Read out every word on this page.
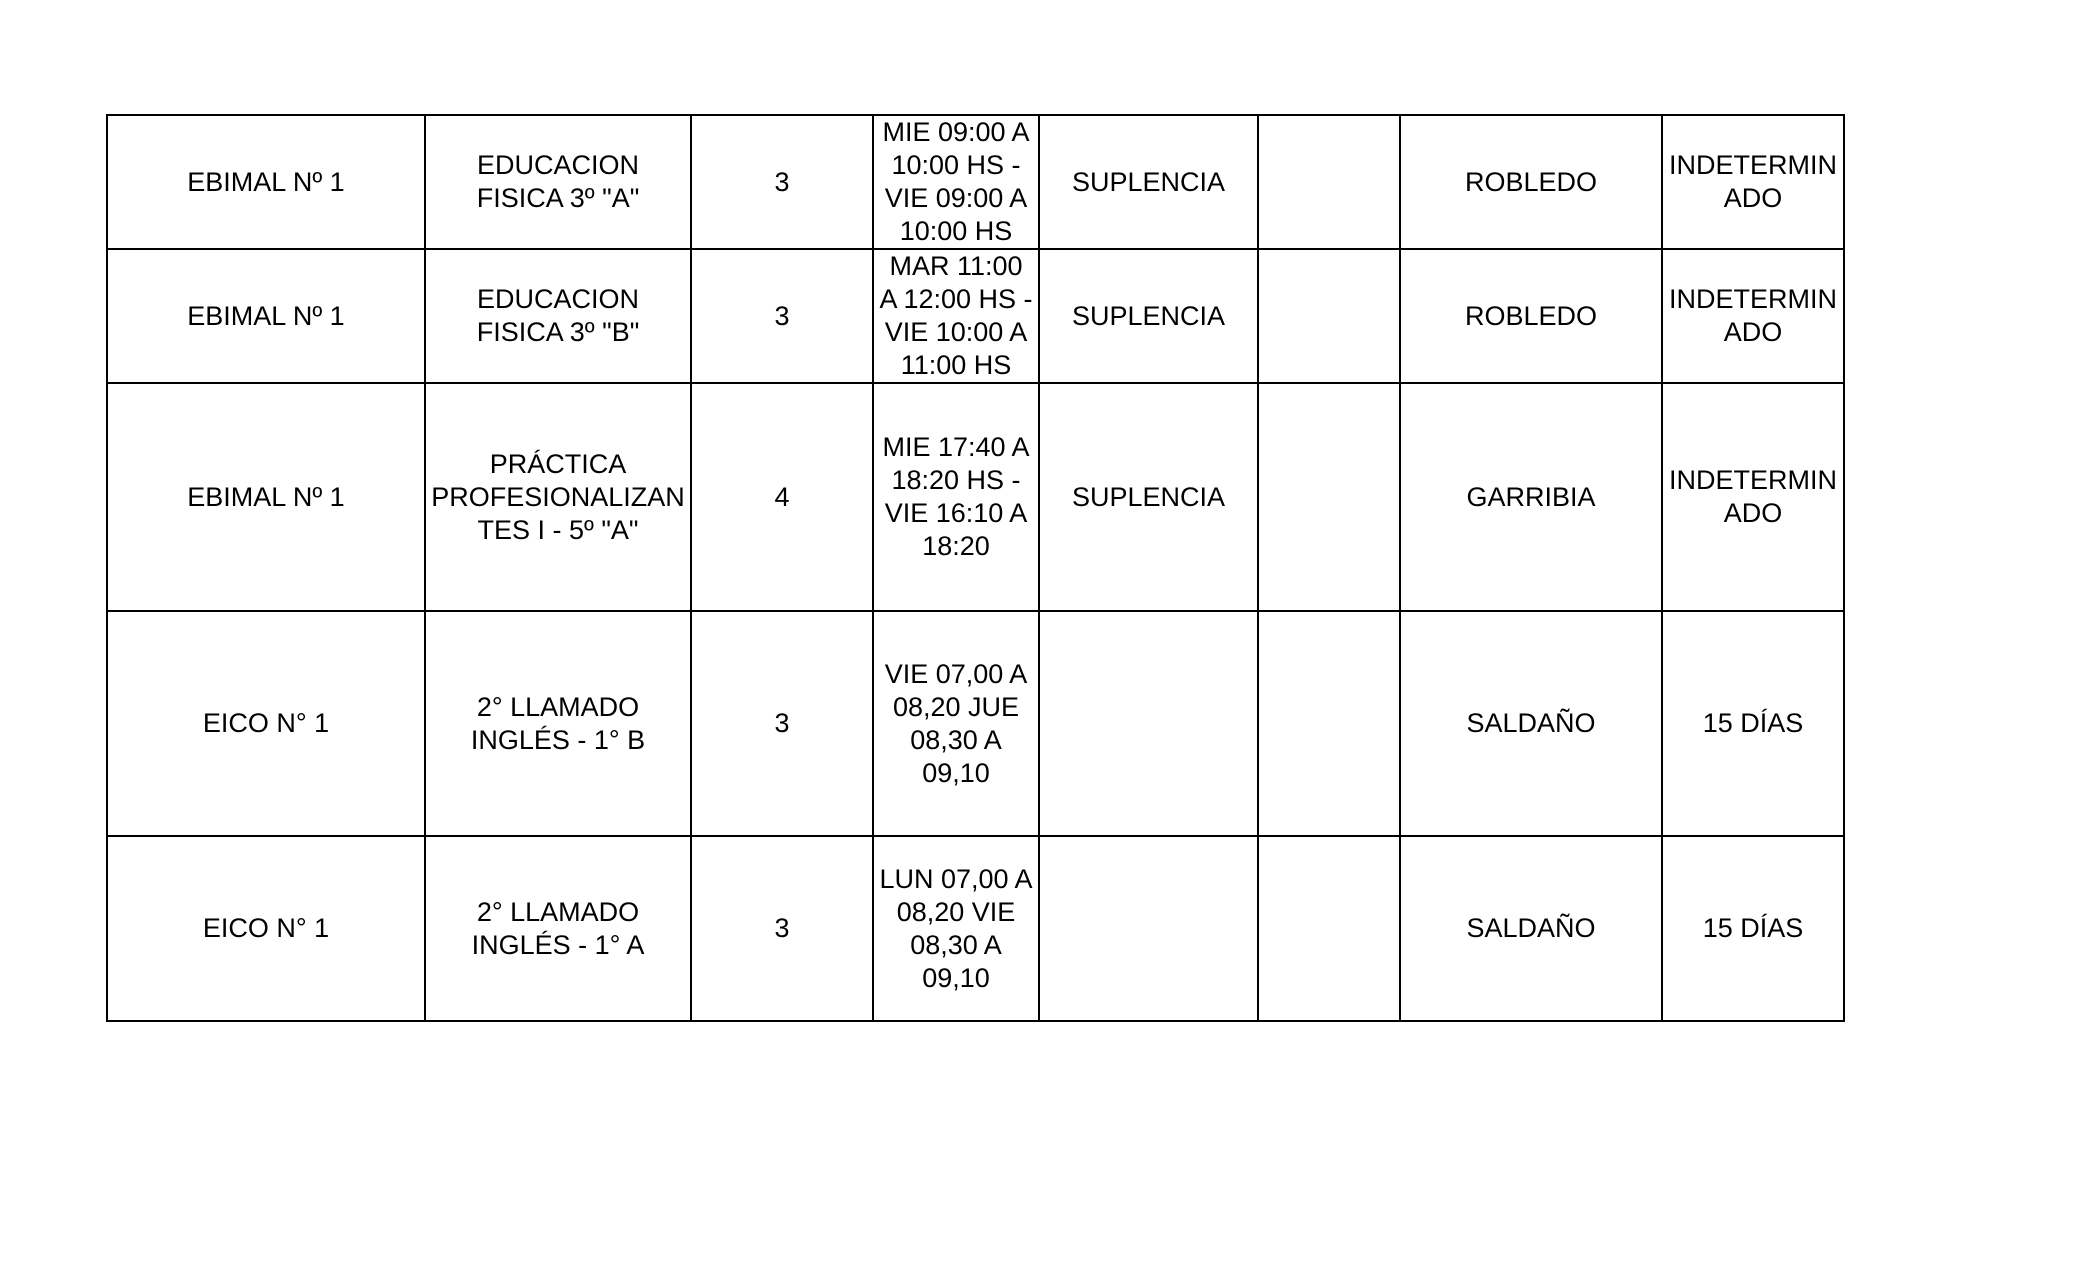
EBIMAL Nº 1	EDUCACION
FISICA 3º "A"	3	MIE 09:00 A
10:00 HS -
VIE 09:00 A
10:00 HS	SUPLENCIA		ROBLEDO	INDETERMIN
ADO

EBIMAL Nº 1	EDUCACION
FISICA 3º "B"	3	MAR 11:00
A 12:00 HS -
VIE 10:00 A
11:00 HS	SUPLENCIA		ROBLEDO	INDETERMIN
ADO

EBIMAL Nº 1	PRÁCTICA
PROFESIONALIZAN
TES I - 5º "A"	4	MIE 17:40 A
18:20 HS -
VIE 16:10 A
18:20	SUPLENCIA		GARRIBIA	INDETERMIN
ADO

EICO N° 1	2° LLAMADO
INGLÉS - 1° B	3	VIE 07,00 A
08,20 JUE
08,30 A
09,10			SALDAÑO	15 DÍAS

EICO N° 1	2° LLAMADO
INGLÉS - 1° A	3	LUN 07,00 A
08,20 VIE
08,30 A
09,10			SALDAÑO	15 DÍAS
